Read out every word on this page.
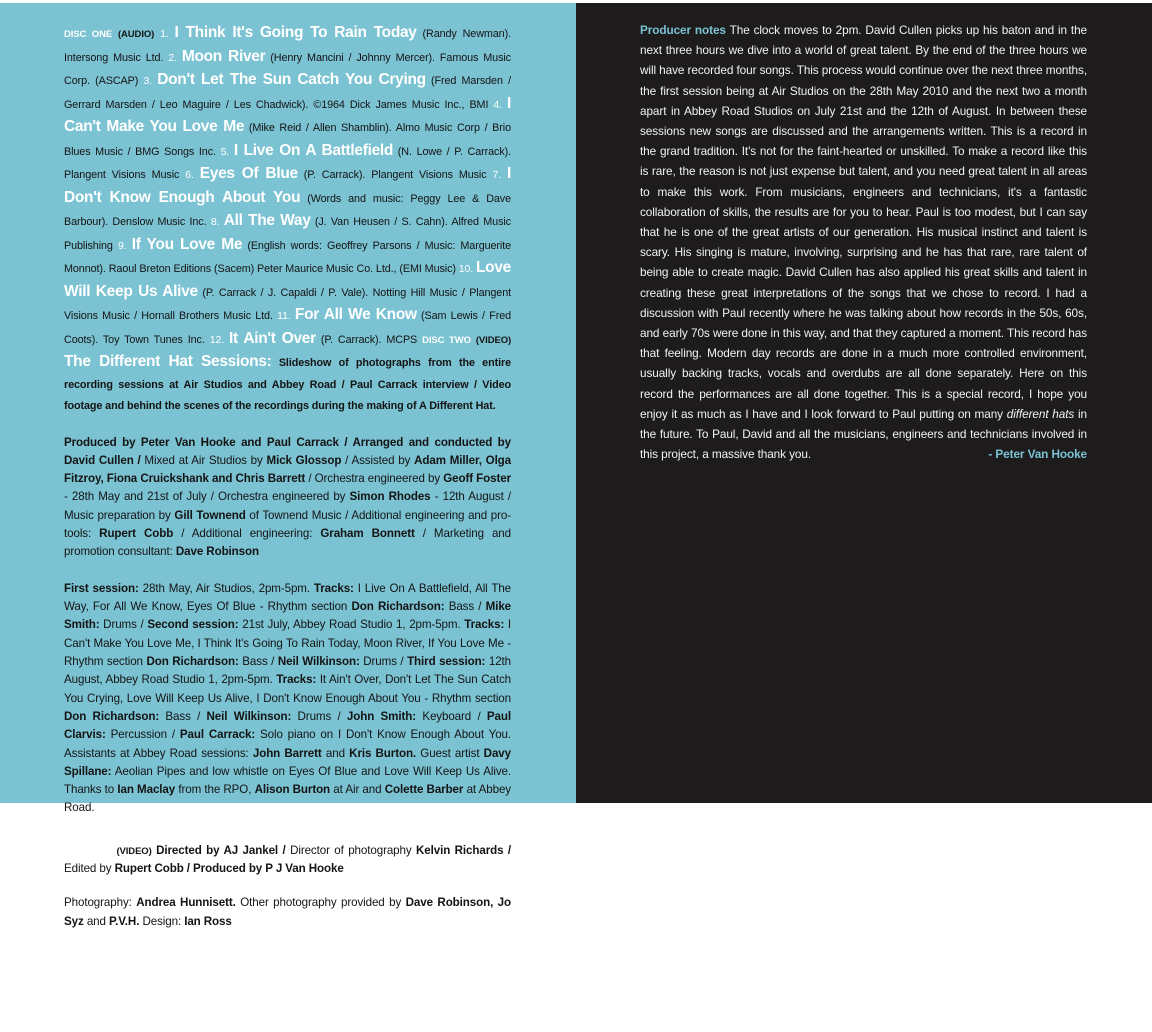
DISC ONE (AUDIO) 1. I Think It's Going To Rain Today (Randy Newman). Intersong Music Ltd. 2. Moon River (Henry Mancini / Johnny Mercer). Famous Music Corp. (ASCAP) 3. Don't Let The Sun Catch You Crying (Fred Marsden / Gerrard Marsden / Leo Maguire / Les Chadwick). ©1964 Dick James Music Inc., BMI 4. I Can't Make You Love Me (Mike Reid / Allen Shamblin). Almo Music Corp / Brio Blues Music / BMG Songs Inc. 5. I Live On A Battlefield (N. Lowe / P. Carrack). Plangent Visions Music 6. Eyes Of Blue (P. Carrack). Plangent Visions Music 7. I Don't Know Enough About You (Words and music: Peggy Lee & Dave Barbour). Denslow Music Inc. 8. All The Way (J. Van Heusen / S. Cahn). Alfred Music Publishing 9. If You Love Me (English words: Geoffrey Parsons / Music: Marguerite Monnot). Raoul Breton Editions (Sacem) Peter Maurice Music Co. Ltd., (EMI Music) 10. Love Will Keep Us Alive (P. Carrack / J. Capaldi / P. Vale). Notting Hill Music / Plangent Visions Music / Hornall Brothers Music Ltd. 11. For All We Know (Sam Lewis / Fred Coots). Toy Town Tunes Inc. 12. It Ain't Over (P. Carrack). MCPS DISC TWO (VIDEO) The Different Hat Sessions: Slideshow of photographs from the entire recording sessions at Air Studios and Abbey Road / Paul Carrack interview / Video footage and behind the scenes of the recordings during the making of A Different Hat.

Produced by Peter Van Hooke and Paul Carrack / Arranged and conducted by David Cullen / Mixed at Air Studios by Mick Glossop / Assisted by Adam Miller, Olga Fitzroy, Fiona Cruickshank and Chris Barrett / Orchestra engineered by Geoff Foster - 28th May and 21st of July / Orchestra engineered by Simon Rhodes - 12th August / Music preparation by Gill Townend of Townend Music / Additional engineering and pro-tools: Rupert Cobb / Additional engineering: Graham Bonnett / Marketing and promotion consultant: Dave Robinson

First session: 28th May, Air Studios, 2pm-5pm. Tracks: I Live On A Battlefield, All The Way, For All We Know, Eyes Of Blue - Rhythm section Don Richardson: Bass / Mike Smith: Drums / Second session: 21st July, Abbey Road Studio 1, 2pm-5pm. Tracks: I Can't Make You Love Me, I Think It's Going To Rain Today, Moon River, If You Love Me - Rhythm section Don Richardson: Bass / Neil Wilkinson: Drums / Third session: 12th August, Abbey Road Studio 1, 2pm-5pm. Tracks: It Ain't Over, Don't Let The Sun Catch You Crying, Love Will Keep Us Alive, I Don't Know Enough About You - Rhythm section Don Richardson: Bass / Neil Wilkinson: Drums / John Smith: Keyboard / Paul Clarvis: Percussion / Paul Carrack: Solo piano on I Don't Know Enough About You. Assistants at Abbey Road sessions: John Barrett and Kris Burton. Guest artist Davy Spillane: Aeolian Pipes and low whistle on Eyes Of Blue and Love Will Keep Us Alive. Thanks to Ian Maclay from the RPO, Alison Burton at Air and Colette Barber at Abbey Road.

DISC TWO (VIDEO) Directed by AJ Jankel / Director of photography Kelvin Richards / Edited by Rupert Cobb / Produced by P J Van Hooke

Photography: Andrea Hunnisett. Other photography provided by Dave Robinson, Jo Syz and P.V.H. Design: Ian Ross

Producer notes The clock moves to 2pm. David Cullen picks up his baton and in the next three hours we dive into a world of great talent. By the end of the three hours we will have recorded four songs. This process would continue over the next three months, the first session being at Air Studios on the 28th May 2010 and the next two a month apart in Abbey Road Studios on July 21st and the 12th of August. In between these sessions new songs are discussed and the arrangements written. This is a record in the grand tradition. It's not for the faint-hearted or unskilled. To make a record like this is rare, the reason is not just expense but talent, and you need great talent in all areas to make this work. From musicians, engineers and technicians, it's a fantastic collaboration of skills, the results are for you to hear. Paul is too modest, but I can say that he is one of the great artists of our generation. His musical instinct and talent is scary. His singing is mature, involving, surprising and he has that rare, rare talent of being able to create magic. David Cullen has also applied his great skills and talent in creating these great interpretations of the songs that we chose to record. I had a discussion with Paul recently where he was talking about how records in the 50s, 60s, and early 70s were done in this way, and that they captured a moment. This record has that feeling. Modern day records are done in a much more controlled environment, usually backing tracks, vocals and overdubs are all done separately. Here on this record the performances are all done together. This is a special record, I hope you enjoy it as much as I have and I look forward to Paul putting on many different hats in the future. To Paul, David and all the musicians, engineers and technicians involved in this project, a massive thank you.	- Peter Van Hooke
